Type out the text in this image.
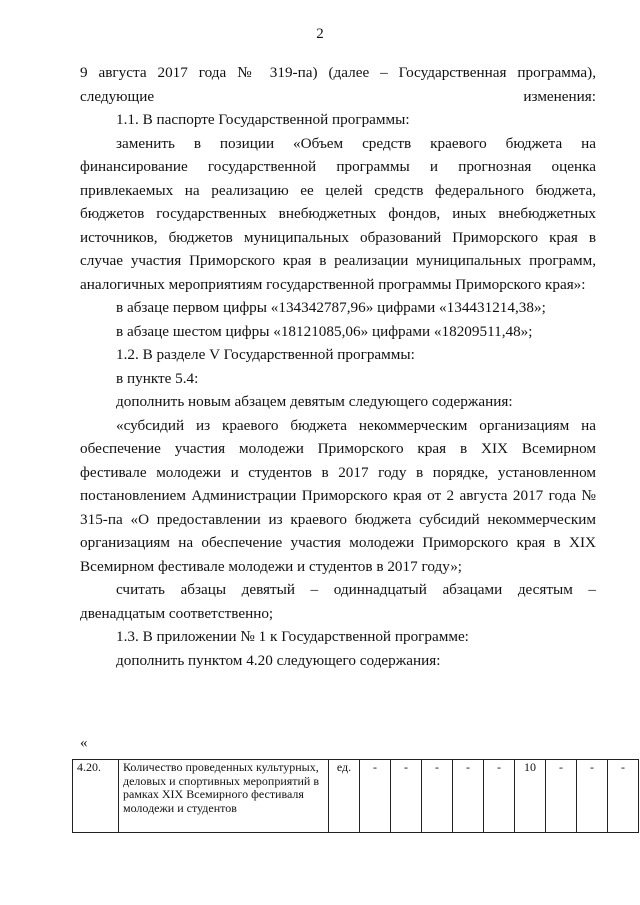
2

9 августа 2017 года № 319-па) (далее – Государственная программа), следующие изменения:

1.1. В паспорте Государственной программы:

заменить в позиции «Объем средств краевого бюджета на финансирование государственной программы и прогнозная оценка привлекаемых на реализацию ее целей средств федерального бюджета, бюджетов государственных внебюджетных фондов, иных внебюджетных источников, бюджетов муниципальных образований Приморского края в случае участия Приморского края в реализации муниципальных программ, аналогичных мероприятиям государственной программы Приморского края»:

в абзаце первом цифры «134342787,96» цифрами «134431214,38»;

в абзаце шестом цифры «18121085,06» цифрами «18209511,48»;

1.2. В разделе V Государственной программы:

в пункте 5.4:

дополнить новым абзацем девятым следующего содержания:

«субсидий из краевого бюджета некоммерческим организациям на обеспечение участия молодежи Приморского края в XIX Всемирном фестивале молодежи и студентов в 2017 году в порядке, установленном постановлением Администрации Приморского края от 2 августа 2017 года № 315-па «О предоставлении из краевого бюджета субсидий некоммерческим организациям на обеспечение участия молодежи Приморского края в XIX Всемирном фестивале молодежи и студентов в 2017 году»;

считать абзацы девятый – одиннадцатый абзацами десятым – двенадцатым соответственно;

1.3. В приложении № 1 к Государственной программе:

дополнить пунктом 4.20 следующего содержания:

«
4.20.	Количество проведенных культурных, деловых и спортивных мероприятий в рамках XIX Всемирного фестиваля молодежи и студентов	ед.	-	-	-	-	-	10	-	-	-
